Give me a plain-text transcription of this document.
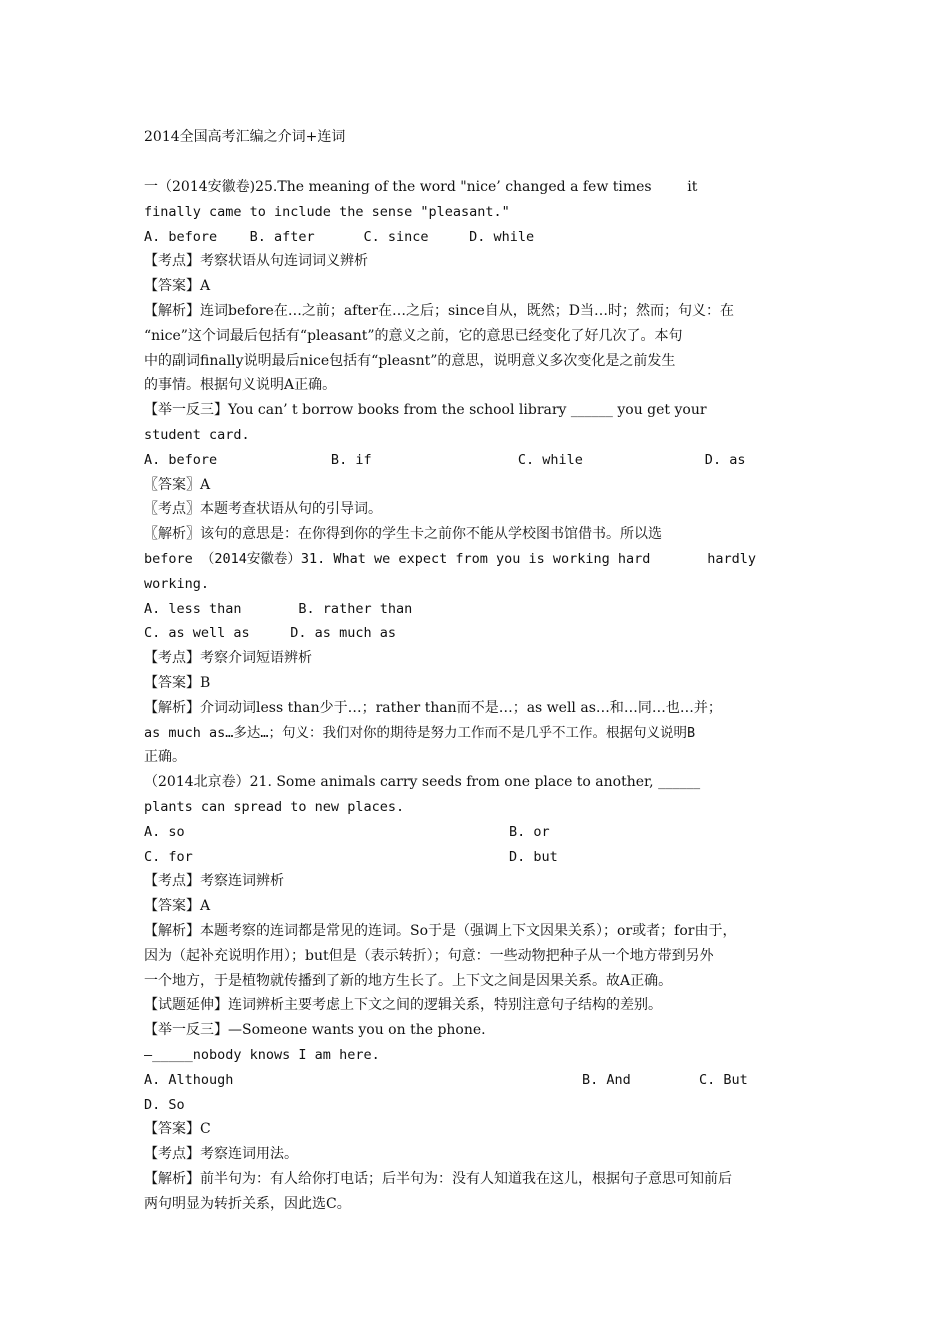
2014全国高考汇编之介词+连词
一（2014安徽卷)25.The meaning of the word "nice’ changed a few times        it
finally came to include the sense "pleasant."
A. before    B. after      C. since     D. while
【考点】考察状语从句连词词义辨析
【答案】A
【解析】连词before在…之前；after在…之后；since自从，既然；D当…时；然而；句义：在
“nice”这个词最后包括有“pleasant”的意义之前，它的意思已经变化了好几次了。本句
中的副词finally说明最后nice包括有“pleasnt”的意思，说明意义多次变化是之前发生
的事情。根据句义说明A正确。
【举一反三】You can’ t borrow books from the school library ______ you get your
student card.
A. before              B. if                  C. while               D. as
〖答案〗A
〖考点〗本题考查状语从句的引导词。
〖解析〗该句的意思是：在你得到你的学生卡之前你不能从学校图书馆借书。所以选
before （2014安徽卷）31. What we expect from you is working hard       hardly
working.
A. less than       B. rather than
C. as well as     D. as much as
【考点】考察介词短语辨析
【答案】B
【解析】介词动词less than少于…；rather than而不是…；as well as…和…同…也…并；
as much as…多达…；句义：我们对你的期待是努力工作而不是几乎不工作。根据句义说明B
正确。
（2014北京卷）21. Some animals carry seeds from one place to another, ______
plants can spread to new places.
A. so	B. or
C. for	D. but
【考点】考察连词辨析
【答案】A
【解析】本题考察的连词都是常见的连词。So于是（强调上下文因果关系）；or或者；for由于，
因为（起补充说明作用）；but但是（表示转折）；句意：一些动物把种子从一个地方带到另外
一个地方，于是植物就传播到了新的地方生长了。上下文之间是因果关系。故A正确。
【试题延伸】连词辨析主要考虑上下文之间的逻辑关系，特别注意句子结构的差别。
【举一反三】—Someone wants you on the phone.
—_____nobody knows I am here.
A. Although	B. And	C. But
D. So
【答案】C
【考点】考察连词用法。
【解析】前半句为：有人给你打电话；后半句为：没有人知道我在这儿，根据句子意思可知前后
两句明显为转折关系，因此选C。
